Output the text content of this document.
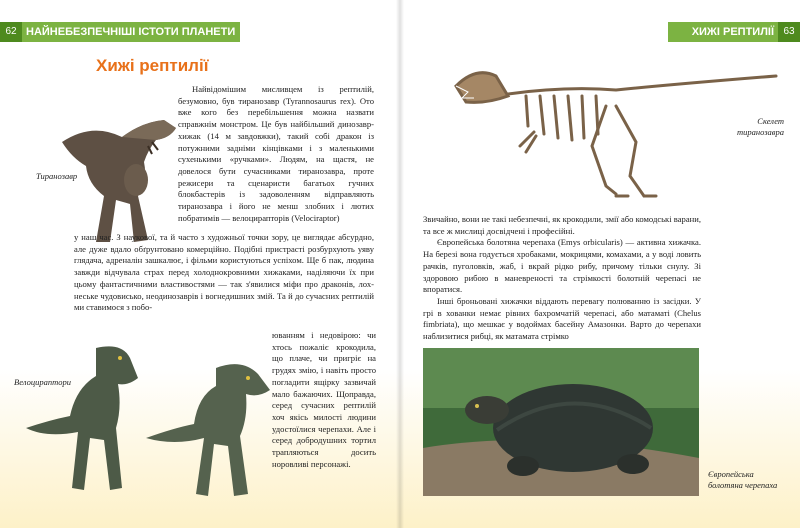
62 НАЙНЕБЕЗПЕЧНІШІ ІСТОТИ ПЛАНЕТИ	63
ХИЖІ РЕПТИЛІЇ
Хижі рептилії
Тиранозавр

Найвідомішим мисливцем із рептилій, безумовно, був тиранозавр (Tyrannosaurus rex). Ото вже кого без перебільшення можна назвати справжнім монстром. Це був найбільший динозавр-хижак (14 м завдовжки), такий собі дракон із потужними задніми кінцівками і з маленькими сухенькими «ручками». Людям, на щастя, не довелося бути сучасниками тиранозавра, проте режисери та сценаристи багатьох гучних блокбастерів із задоволенням відправляють тиранозаврa і його не менш злобних і лютих побратимів — велоцирапторів (Velociraptor)

у наш час. З наукової, та й часто з художньої точки зору, це виглядає абсурдно, але дуже вдало обґрунтовано комерційно. Подібні пристрасті розбурхують уяву глядача, адреналін зашкалює, і фільми користуються успіхом. Ще б пак, людина завжди відчувала страх перед холоднокровними хижаками, наділяючи їх при цьому фантастичними властивостями — так з'явилися міфи про драконів, лох-неське чудовисько, неодинозаврів і вогнедишних змій. Та й до сучасних рептилій ми ставимося з побо-

юванням і недовірою: чи хтось пожаліє крокодила, що плаче, чи пригріє на грудях змію, і навіть просто погладити ящірку зазвичай мало бажаючих. Щоправда, серед сучасних рептилій хоч якісь милості людини удостоїлися черепахи. Але і серед добродушних тортил трапляються досить норовливі персонажі.

Велоцираптори
Скелет тиранозавра

Звичайно, вони не такі небезпечні, як крокодили, змії або комодські варани, та все ж мислиці досвідчені і професійні.
Європейська болотяна черепаха (Emys orbicularis) — активна хижачка. На березі вона годується хробаками, мокрицями, комахами, а у воді ловить рачків, пуголовків, жаб, і вкрай рідко рибу, причому тільки снулу. Зі здоровою рибою в маневреності та стрімкості болотній черепасі не впоратися.
Інші броньовані хижачки віддають перевагу полюванню із засідки. У грі в хованки немає рівних бахромчатій черепасі, або матаматі (Chelus fimbriata), що мешкає у водоймах басейну Амазонки. Варто до черепахи наблизитися рибці, як матамата стрімко

Європейська болотяна черепаха
